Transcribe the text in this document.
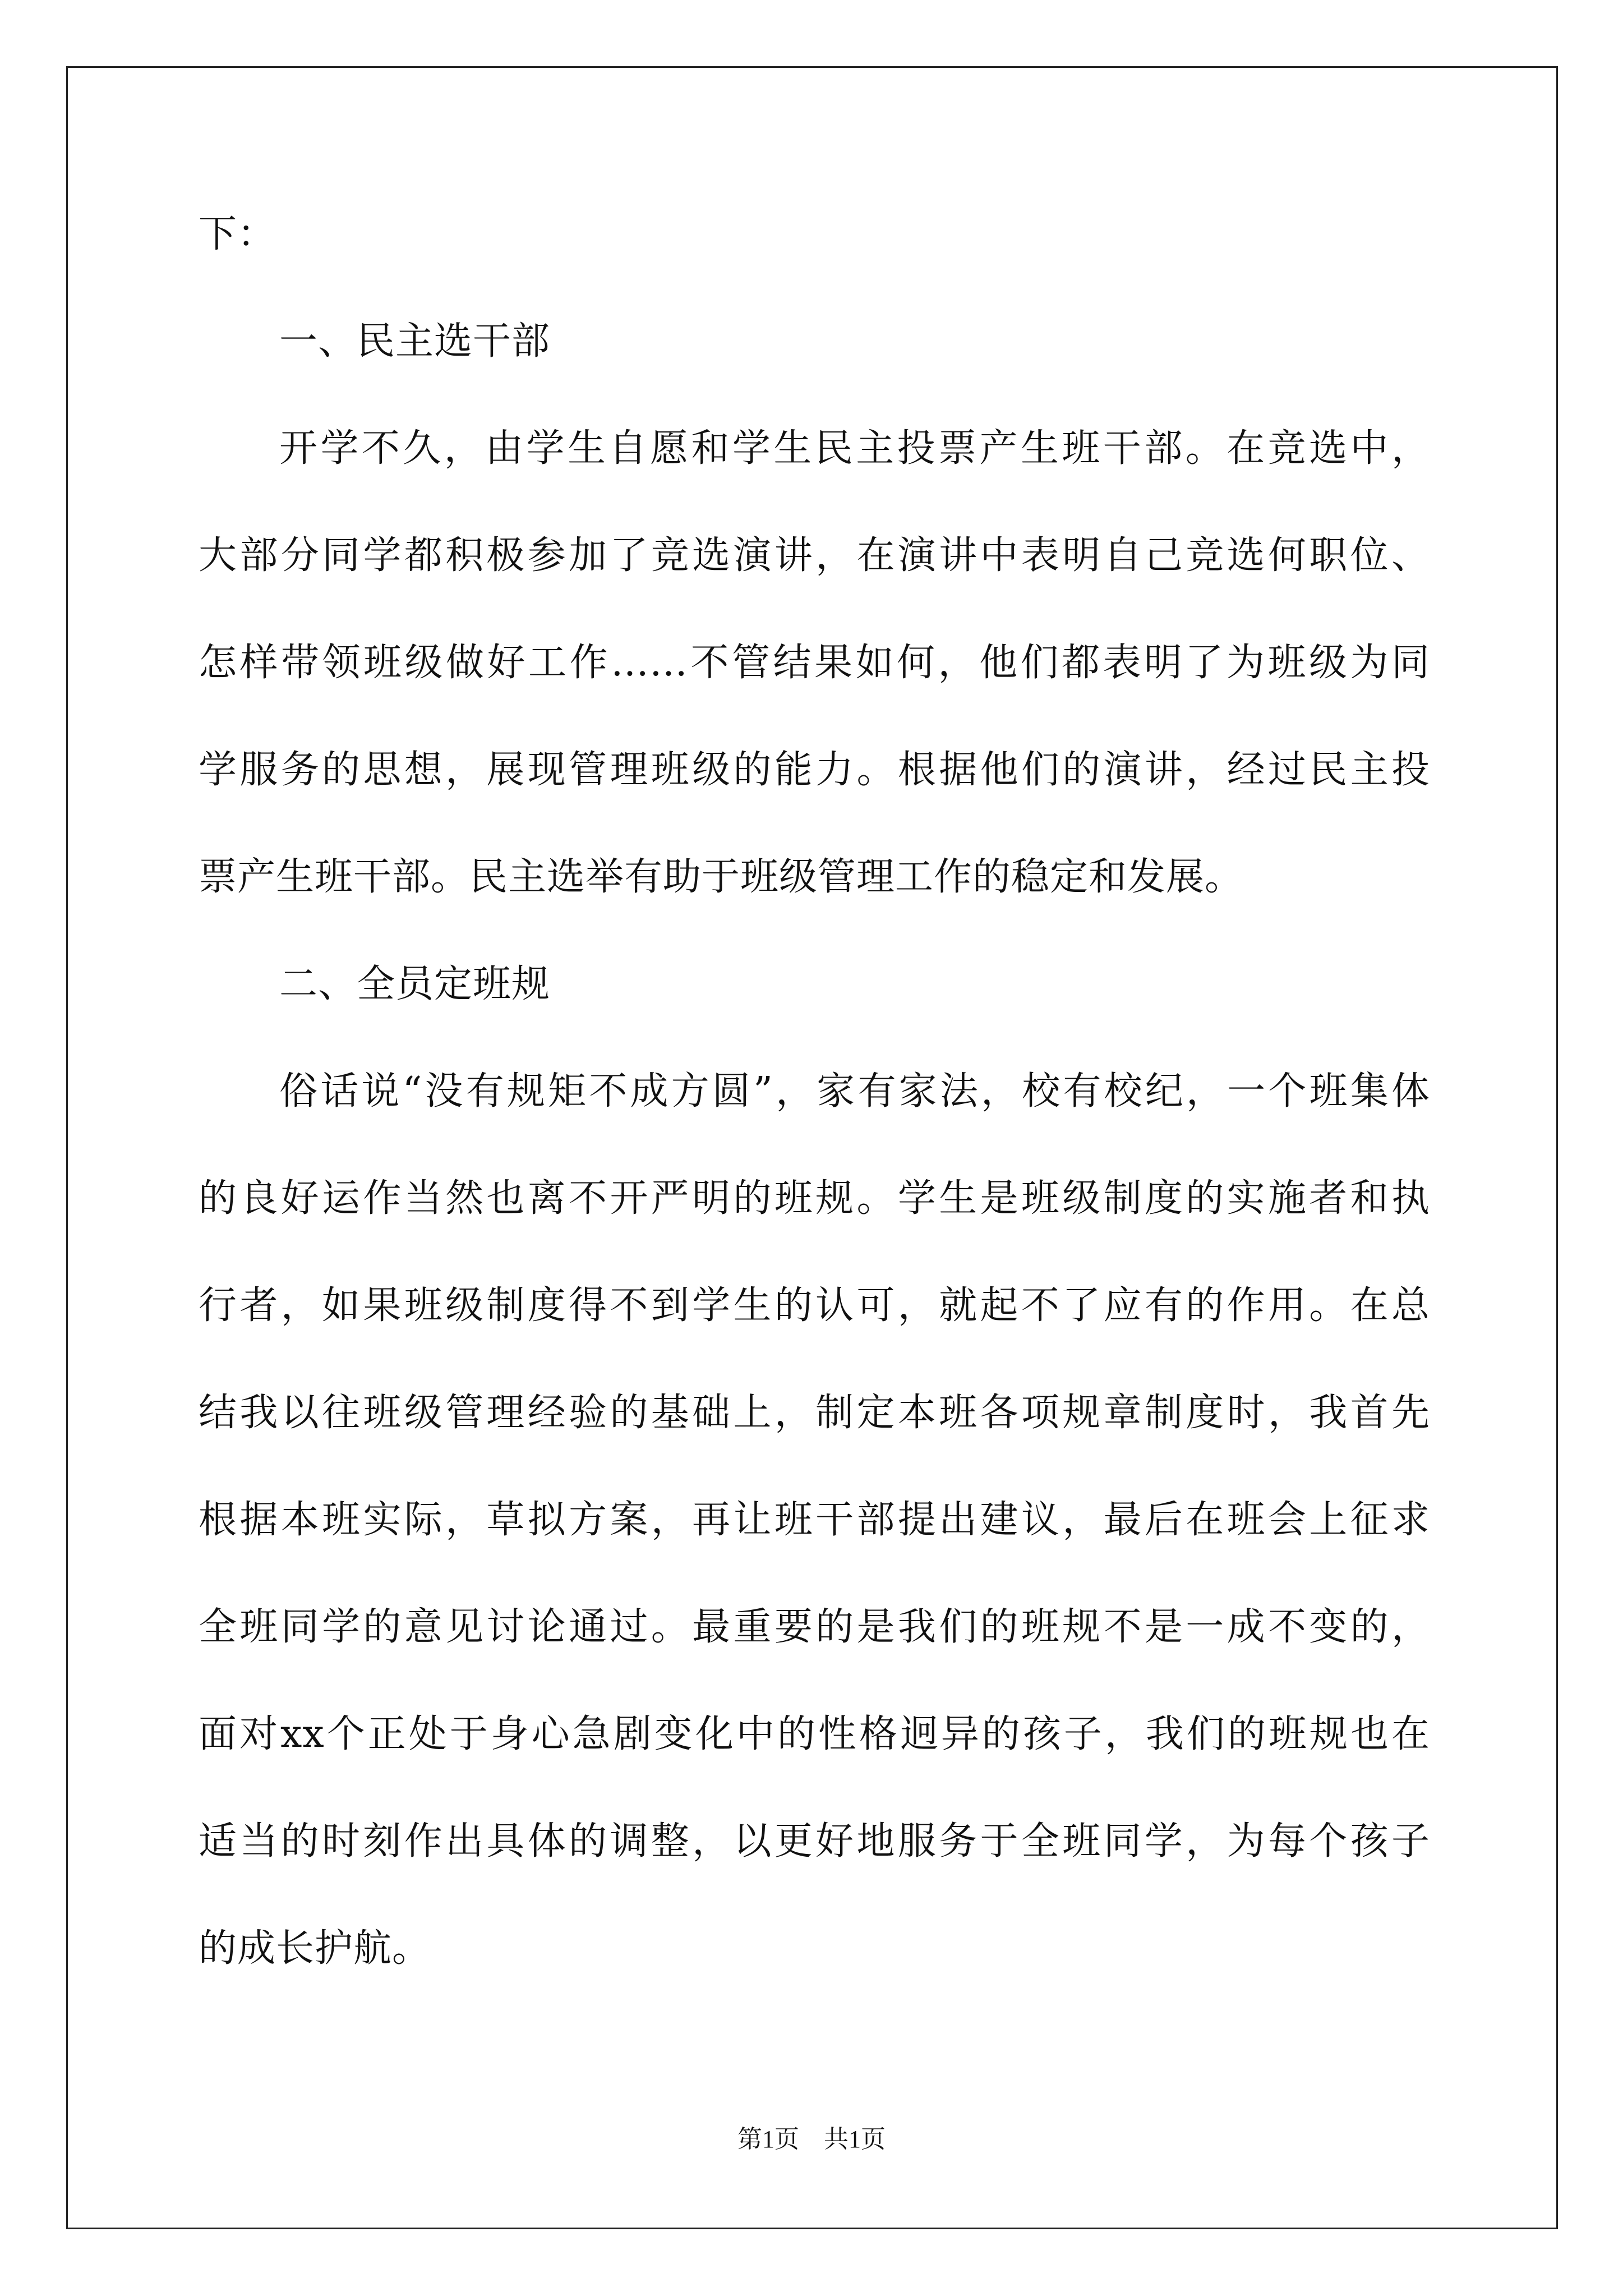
下：
一、民主选干部
开学不久，由学生自愿和学生民主投票产生班干部。在竞选中，
大部分同学都积极参加了竞选演讲，在演讲中表明自己竞选何职位、
怎样带领班级做好工作……不管结果如何，他们都表明了为班级为同
学服务的思想，展现管理班级的能力。根据他们的演讲，经过民主投
票产生班干部。民主选举有助于班级管理工作的稳定和发展。
二、全员定班规
俗话说“没有规矩不成方圆”，家有家法，校有校纪，一个班集体
的良好运作当然也离不开严明的班规。学生是班级制度的实施者和执
行者，如果班级制度得不到学生的认可，就起不了应有的作用。在总
结我以往班级管理经验的基础上，制定本班各项规章制度时，我首先
根据本班实际，草拟方案，再让班干部提出建议，最后在班会上征求
全班同学的意见讨论通过。最重要的是我们的班规不是一成不变的，
面对xx个正处于身心急剧变化中的性格迥异的孩子，我们的班规也在
适当的时刻作出具体的调整，以更好地服务于全班同学，为每个孩子
的成长护航。
第1页　共1页
